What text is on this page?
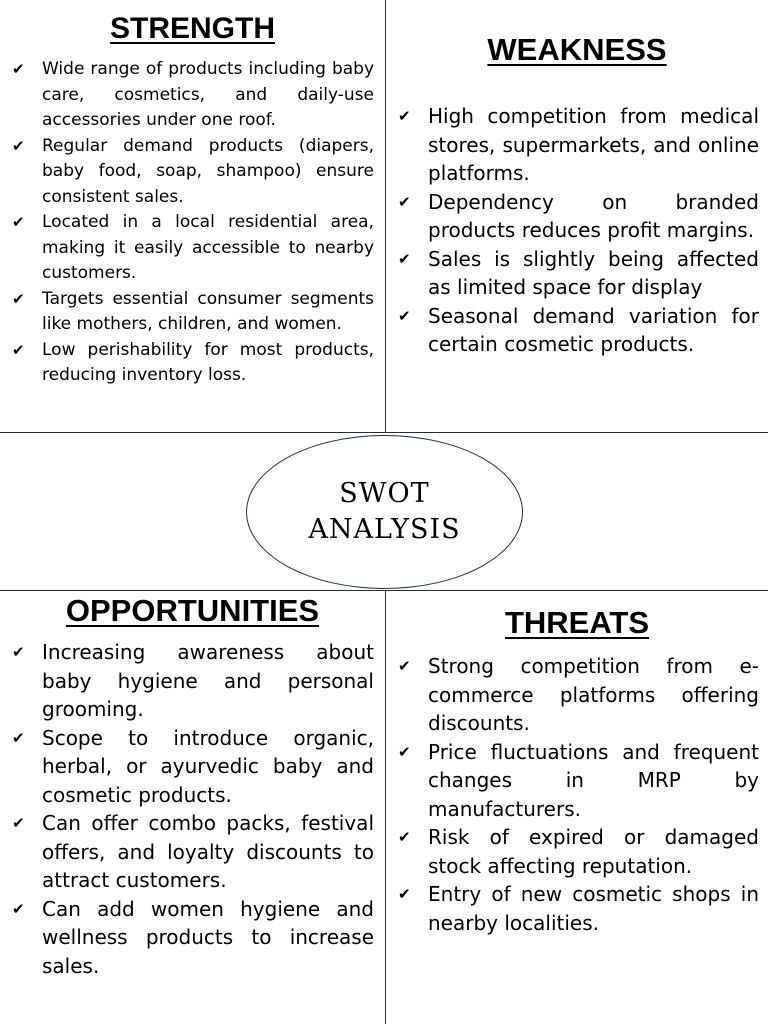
STRENGTH
✔ Wide range of products including baby care, cosmetics, and daily-use accessories under one roof.
✔ Regular demand products (diapers, baby food, soap, shampoo) ensure consistent sales.
✔ Located in a local residential area, making it easily accessible to nearby customers.
✔ Targets essential consumer segments like mothers, children, and women.
✔ Low perishability for most products, reducing inventory loss.
WEAKNESS
✔ High competition from medical stores, supermarkets, and online platforms.
✔ Dependency on branded products reduces profit margins.
✔ Sales is slightly being affected as limited space for display
✔ Seasonal demand variation for certain cosmetic products.
SWOT
ANALYSIS
OPPORTUNITIES
✔ Increasing awareness about baby hygiene and personal grooming.
✔ Scope to introduce organic, herbal, or ayurvedic baby and cosmetic products.
✔ Can offer combo packs, festival offers, and loyalty discounts to attract customers.
✔ Can add women hygiene and wellness products to increase sales.
THREATS
✔ Strong competition from e-commerce platforms offering discounts.
✔ Price fluctuations and frequent changes in MRP by manufacturers.
✔ Risk of expired or damaged stock affecting reputation.
✔ Entry of new cosmetic shops in nearby localities.
